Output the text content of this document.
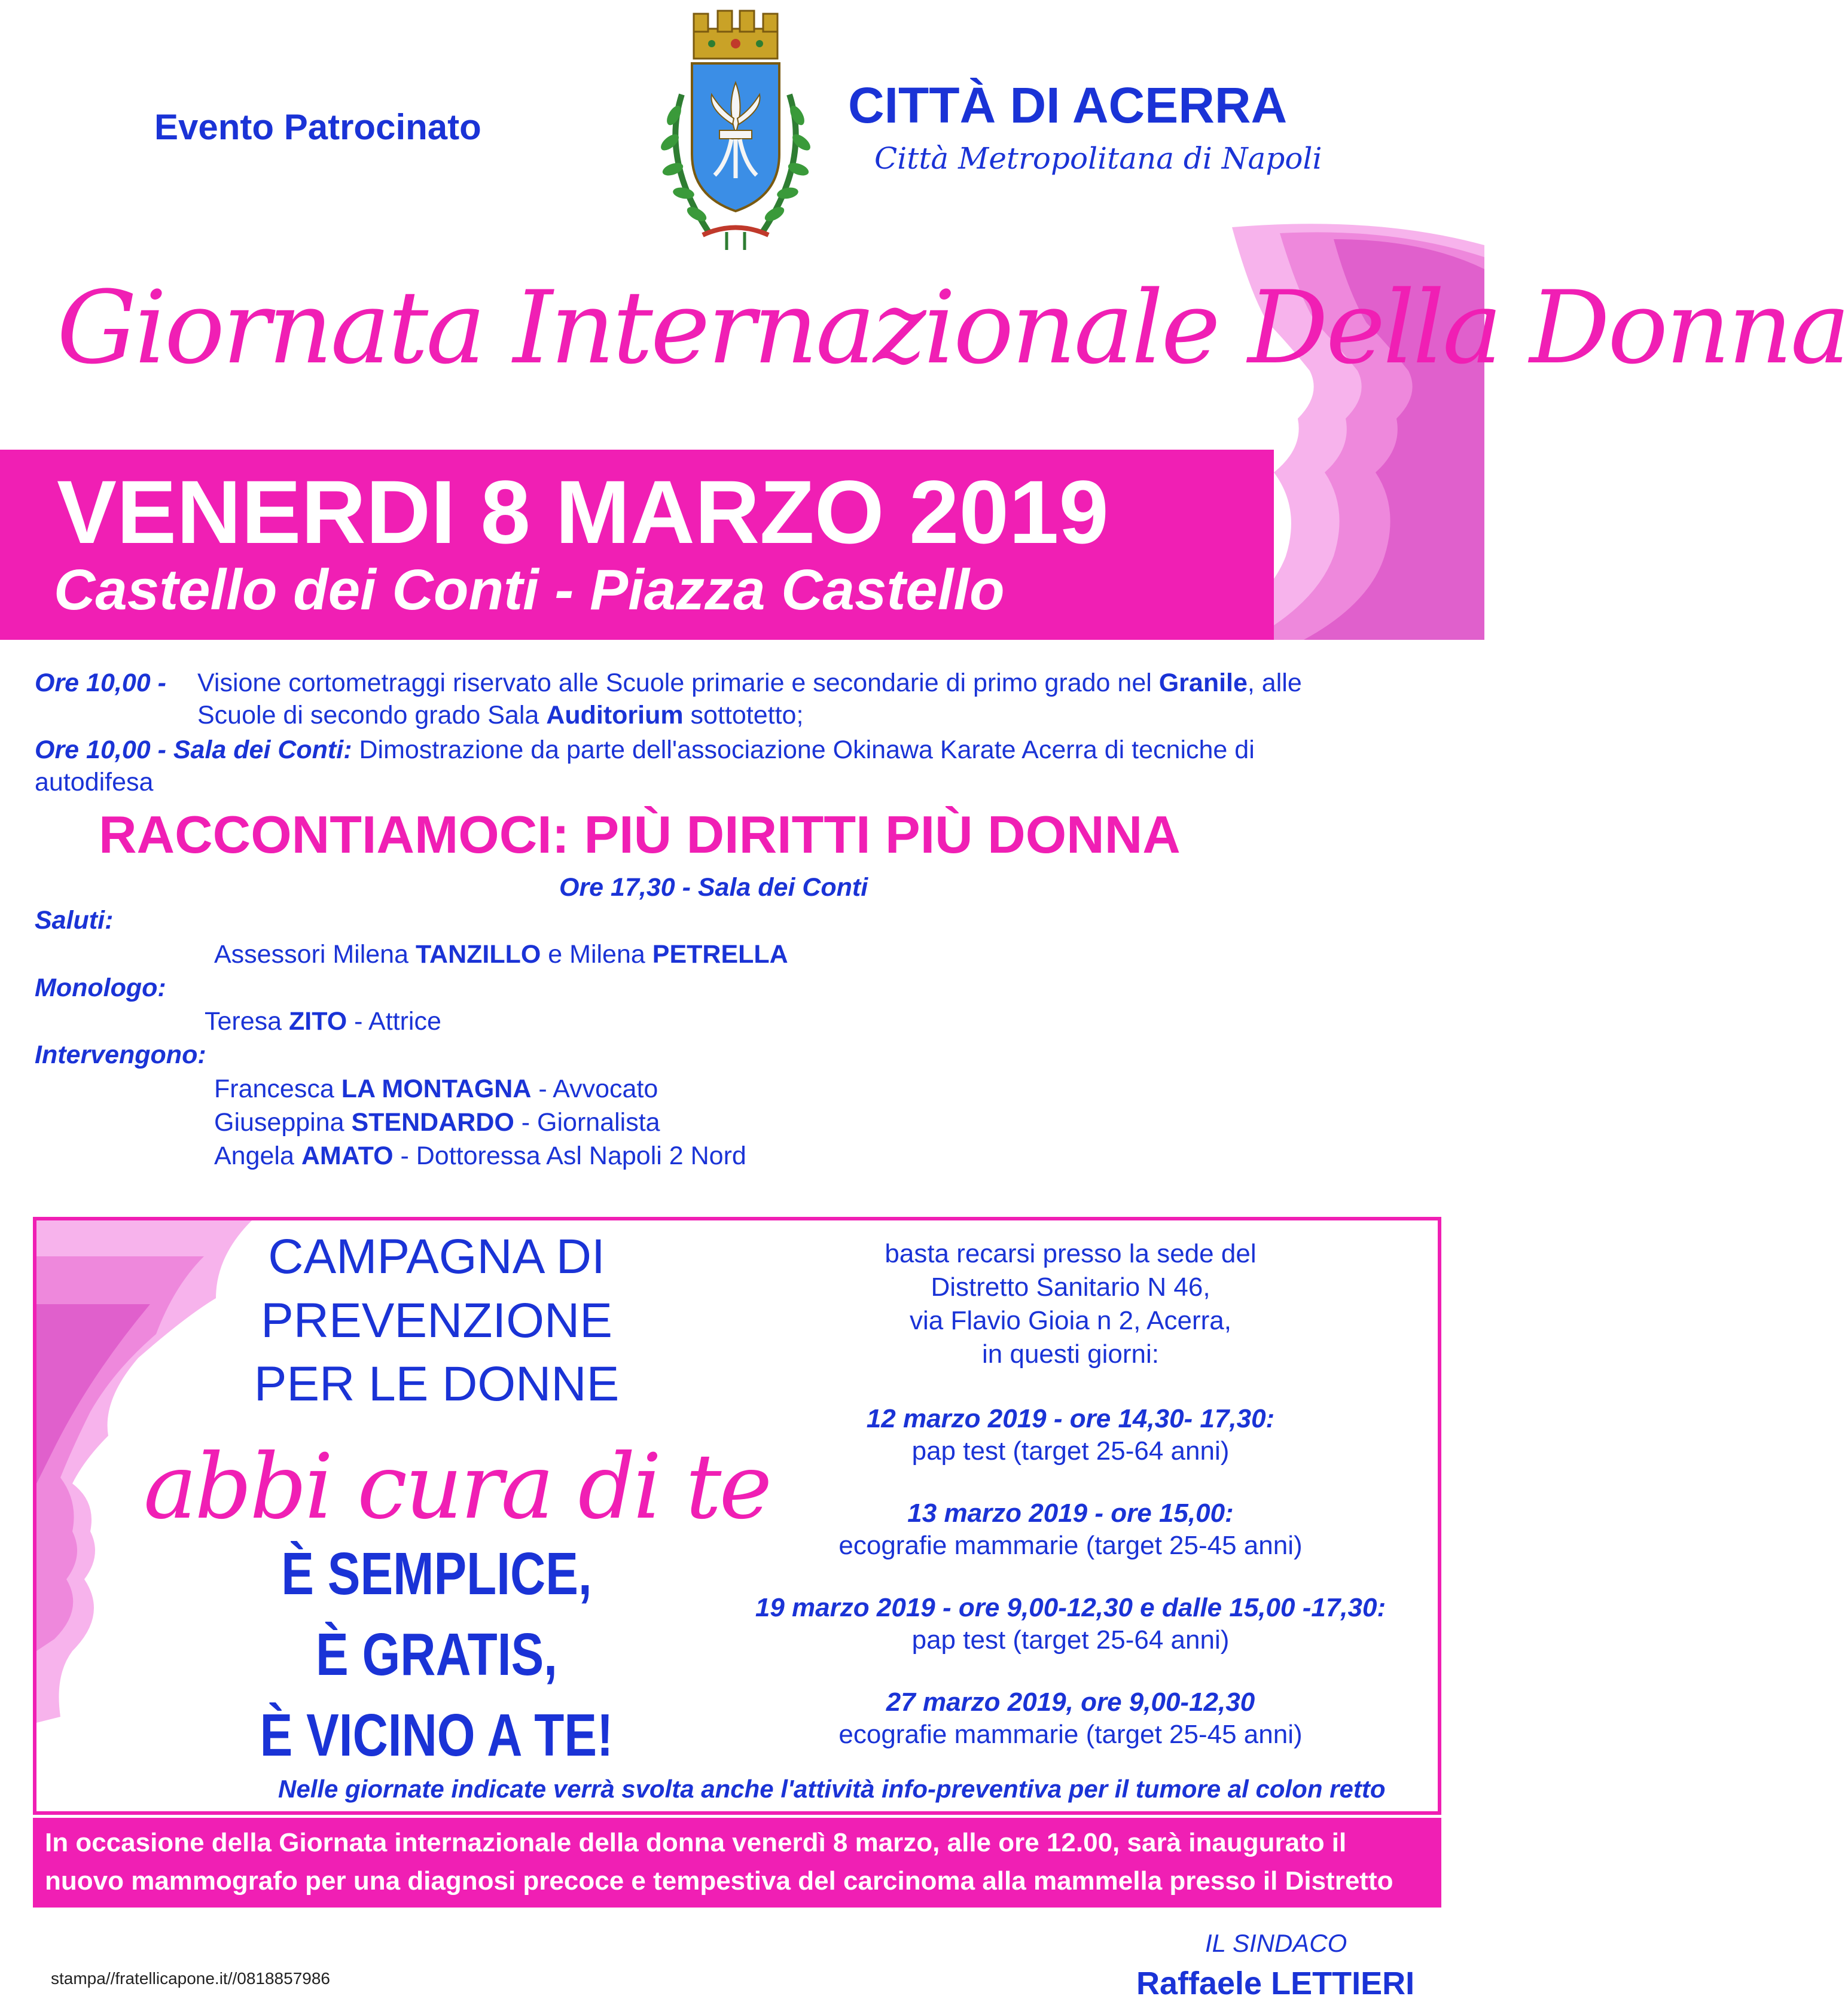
Evento Patrocinato	CITTÀ DI ACERRA
Città Metropolitana di Napoli
Giornata Internazionale Della Donna
VENERDI 8 MARZO 2019
Castello dei Conti - Piazza Castello
Ore 10,00 - Visione cortometraggi riservato alle Scuole primarie e secondarie di primo grado nel Granile, alle
Scuole di secondo grado Sala Auditorium sottotetto;
Ore 10,00 - Sala dei Conti: Dimostrazione da parte dell'associazione Okinawa Karate Acerra di tecniche di
autodifesa
RACCONTIAMOCI: PIÙ DIRITTI PIÙ DONNA
Ore 17,30 - Sala dei Conti
Saluti:
Assessori Milena TANZILLO e Milena PETRELLA
Monologo:
Teresa ZITO - Attrice
Intervengono:
Francesca LA MONTAGNA - Avvocato
Giuseppina STENDARDO - Giornalista
Angela AMATO - Dottoressa Asl Napoli 2 Nord
CAMPAGNA DI
PREVENZIONE
PER LE DONNE
abbi cura di te
È SEMPLICE,
È GRATIS,
È VICINO A TE!
basta recarsi presso la sede del
Distretto Sanitario N 46,
via Flavio Gioia n 2, Acerra,
in questi giorni:
12 marzo 2019 - ore 14,30- 17,30:
pap test (target 25-64 anni)
13 marzo 2019 - ore 15,00:
ecografie mammarie (target 25-45 anni)
19 marzo 2019 - ore 9,00-12,30 e dalle 15,00 -17,30:
pap test (target 25-64 anni)
27 marzo 2019, ore 9,00-12,30
ecografie mammarie (target 25-45 anni)
Nelle giornate indicate verrà svolta anche l'attività info-preventiva per il tumore al colon retto
In occasione della Giornata internazionale della donna venerdì 8 marzo, alle ore 12.00, sarà inaugurato il nuovo mammografo per una diagnosi precoce e tempestiva del carcinoma alla mammella presso il Distretto sanitario Asl Na2 Nord di Acerra.
stampa//fratellicapone.it//0818857986
IL SINDACO
Raffaele LETTIERI
